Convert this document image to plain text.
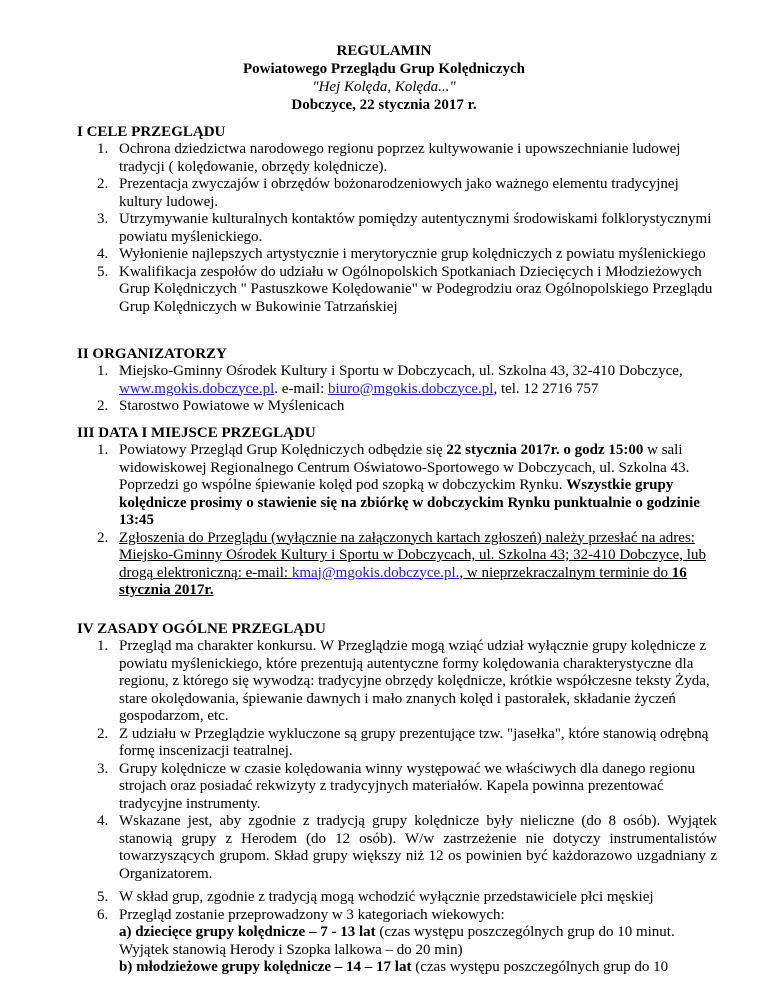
REGULAMIN
Powiatowego Przeglądu Grup Kolędniczych
"Hej Kolęda, Kolęda..."
Dobczyce, 22 stycznia 2017 r.
I CELE PRZEGLĄDU
1. Ochrona dziedzictwa narodowego regionu poprzez kultywowanie i upowszechnianie ludowej tradycji ( kolędowanie, obrzędy kolędnicze).
2. Prezentacja zwyczajów i obrzędów bożonarodzeniowych jako ważnego elementu tradycyjnej kultury ludowej.
3. Utrzymywanie kulturalnych kontaktów pomiędzy autentycznymi środowiskami folklorystycznymi powiatu myślenickiego.
4. Wyłonienie najlepszych artystycznie i merytorycznie grup kolędniczych z powiatu myślenickiego
5. Kwalifikacja zespołów do udziału w Ogólnopolskich Spotkaniach Dziecięcych i Młodzieżowych Grup Kolędniczych " Pastuszkowe Kolędowanie" w Podegrodziu oraz Ogólnopolskiego Przeglądu Grup Kolędniczych w Bukowinie Tatrzańskiej
II ORGANIZATORZY
1. Miejsko-Gminny Ośrodek Kultury i Sportu w Dobczycach, ul. Szkolna 43, 32-410 Dobczyce, www.mgokis.dobczyce.pl. e-mail: biuro@mgokis.dobczyce.pl, tel. 12 2716 757
2. Starostwo Powiatowe w Myślenicach
III DATA I MIEJSCE PRZEGLĄDU
1. Powiatowy Przegląd Grup Kolędniczych odbędzie się 22 stycznia 2017r. o godz 15:00 w sali widowiskowej Regionalnego Centrum Oświatowo-Sportowego w Dobczycach, ul. Szkolna 43. Poprzedzi go wspólne śpiewanie kolęd pod szopką w dobczyckim Rynku. Wszystkie grupy kolędnicze prosimy o stawienie się na zbiórkę w dobczyckim Rynku punktualnie o godzinie 13:45
2. Zgłoszenia do Przeglądu (wyłącznie na załączonych kartach zgłoszeń) należy przesłać na adres: Miejsko-Gminny Ośrodek Kultury i Sportu w Dobczycach, ul. Szkolna 43; 32-410 Dobczyce, lub drogą elektroniczną: e-mail: kmaj@mgokis.dobczyce.pl., w nieprzekraczalnym terminie do 16 stycznia 2017r.
IV ZASADY OGÓLNE PRZEGLĄDU
1. Przegląd ma charakter konkursu. W Przeglądzie mogą wziąć udział wyłącznie grupy kolędnicze z powiatu myślenickiego, które prezentują autentyczne formy kolędowania charakterystyczne dla regionu, z którego się wywodzą: tradycyjne obrzędy kolędnicze, krótkie współczesne teksty Żyda, stare okolędowania, śpiewanie dawnych i mało znanych kolęd i pastorałek, składanie życzeń gospodarzom, etc.
2. Z udziału w Przeglądzie wykluczone są grupy prezentujące tzw. "jasełka", które stanowią odrębną formę inscenizacji teatralnej.
3. Grupy kolędnicze w czasie kolędowania winny występować we właściwych dla danego regionu strojach oraz posiadać rekwizyty z tradycyjnych materiałów. Kapela powinna prezentować tradycyjne instrumenty.
4. Wskazane jest, aby zgodnie z tradycją grupy kolędnicze były nieliczne (do 8 osób). Wyjątek stanowią grupy z Herodem (do 12 osób). W/w zastrzeżenie nie dotyczy instrumentalistów towarzyszących grupom. Skład grupy większy niż 12 os powinien być każdorazowo uzgadniany z Organizatorem.
5. W skład grup, zgodnie z tradycją mogą wchodzić wyłącznie przedstawiciele płci męskiej
6. Przegląd zostanie przeprowadzony w 3 kategoriach wiekowych:
a) dziecięce grupy kolędnicze – 7 - 13 lat (czas występu poszczególnych grup do 10 minut.
Wyjątek stanowią Herody i Szopka lalkowa – do 20 min)
b) młodzieżowe grupy kolędnicze – 14 – 17 lat (czas występu poszczególnych grup do 10
